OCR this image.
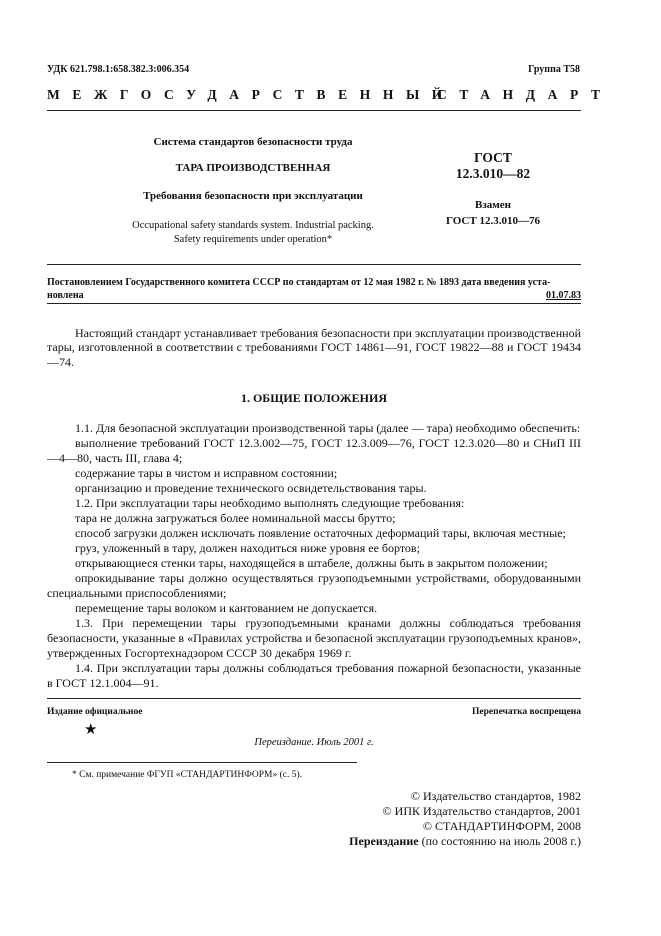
УДК 621.798.1:658.382.3:006.354	Группа Т58
МЕЖГОСУДАРСТВЕННЫЙ
СТАНДАРТ
Система стандартов безопасности труда
ТАРА ПРОИЗВОДСТВЕННАЯ
Требования безопасности при эксплуатации
Occupational safety standards system. Industrial packing.
Safety requirements under operation*
ГОСТ
12.3.010—82
Взамен
ГОСТ 12.3.010—76
Постановлением Государственного комитета СССР по стандартам от 12 мая 1982 г. № 1893 дата введения уста-
новлена	01.07.83
Настоящий стандарт устанавливает требования безопасности при эксплуатации производственной тары, изготовленной в соответствии с требованиями ГОСТ 14861—91, ГОСТ 19822—88 и ГОСТ 19434—74.
1. ОБЩИЕ ПОЛОЖЕНИЯ

1.1. Для безопасной эксплуатации производственной тары (далее — тара) необходимо обеспечить:

выполнение требований ГОСТ 12.3.002—75, ГОСТ 12.3.009—76, ГОСТ 12.3.020—80 и СНиП III—4—80, часть III, глава 4;

содержание тары в чистом и исправном состоянии;

организацию и проведение технического освидетельствования тары.

1.2. При эксплуатации тары необходимо выполнять следующие требования:

тара не должна загружаться более номинальной массы брутто;

способ загрузки должен исключать появление остаточных деформаций тары, включая местные;

груз, уложенный в тару, должен находиться ниже уровня ее бортов;

открывающиеся стенки тары, находящейся в штабеле, должны быть в закрытом положении;

опрокидывание тары должно осуществляться грузоподъемными устройствами, оборудованными специальными приспособлениями;

перемещение тары волоком и кантованием не допускается.

1.3. При перемещении тары грузоподъемными кранами должны соблюдаться требования безопасности, указанные в «Правилах устройства и безопасной эксплуатации грузоподъемных кранов», утвержденных Госгортехнадзором СССР 30 декабря 1969 г.

1.4. При эксплуатации тары должны соблюдаться требования пожарной безопасности, указанные в ГОСТ 12.1.004—91.

Издание официальное	Перепечатка воспрещена
★
Переиздание. Июль 2001 г.
* См. примечание ФГУП «СТАНДАРТИНФОРМ» (с. 5).
© Издательство стандартов, 1982
© ИПК Издательство стандартов, 2001
© СТАНДАРТИНФОРМ, 2008
Переиздание (по состоянию на июль 2008 г.)
